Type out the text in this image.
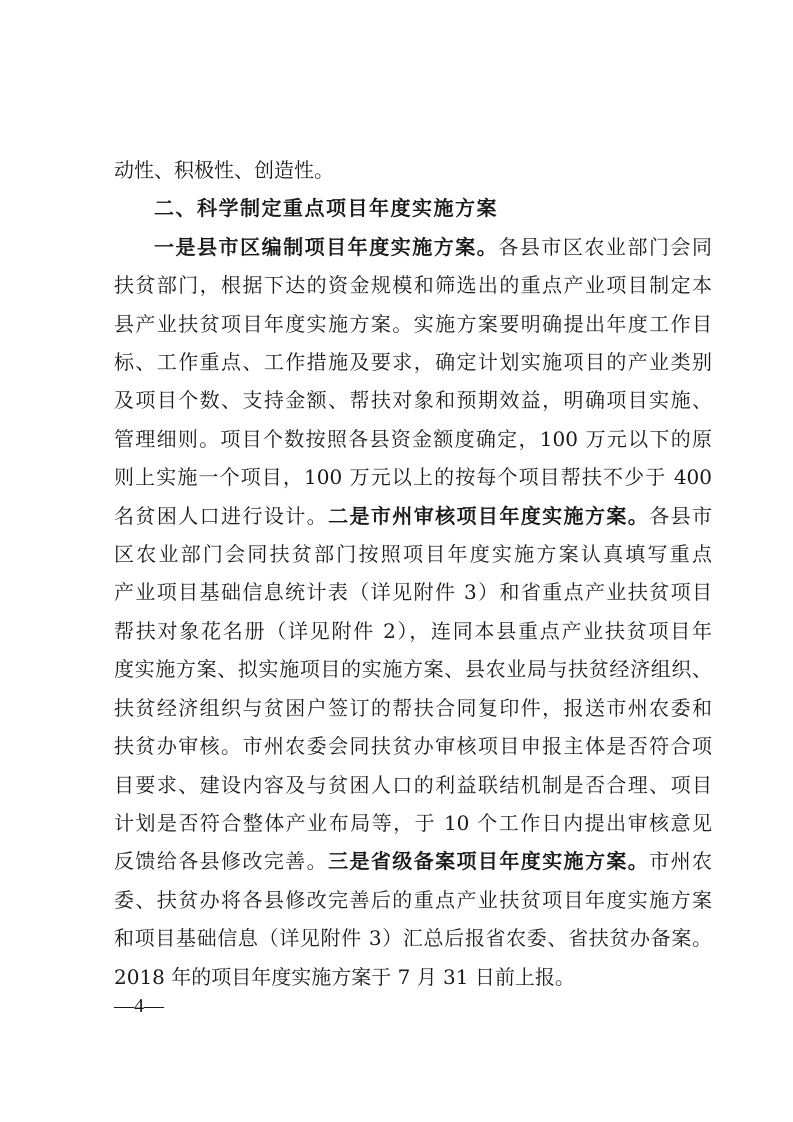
动性、积极性、创造性。
二、科学制定重点项目年度实施方案
一是县市区编制项目年度实施方案。各县市区农业部门会同
扶贫部门，根据下达的资金规模和筛选出的重点产业项目制定本
县产业扶贫项目年度实施方案。实施方案要明确提出年度工作目
标、工作重点、工作措施及要求，确定计划实施项目的产业类别
及项目个数、支持金额、帮扶对象和预期效益，明确项目实施、
管理细则。项目个数按照各县资金额度确定，100 万元以下的原
则上实施一个项目，100 万元以上的按每个项目帮扶不少于 400
名贫困人口进行设计。二是市州审核项目年度实施方案。各县市
区农业部门会同扶贫部门按照项目年度实施方案认真填写重点
产业项目基础信息统计表（详见附件 3）和省重点产业扶贫项目
帮扶对象花名册（详见附件 2），连同本县重点产业扶贫项目年
度实施方案、拟实施项目的实施方案、县农业局与扶贫经济组织、
扶贫经济组织与贫困户签订的帮扶合同复印件，报送市州农委和
扶贫办审核。市州农委会同扶贫办审核项目申报主体是否符合项
目要求、建设内容及与贫困人口的利益联结机制是否合理、项目
计划是否符合整体产业布局等，于 10 个工作日内提出审核意见
反馈给各县修改完善。三是省级备案项目年度实施方案。市州农
委、扶贫办将各县修改完善后的重点产业扶贫项目年度实施方案
和项目基础信息（详见附件 3）汇总后报省农委、省扶贫办备案。
2018 年的项目年度实施方案于 7 月 31 日前上报。
—4—
